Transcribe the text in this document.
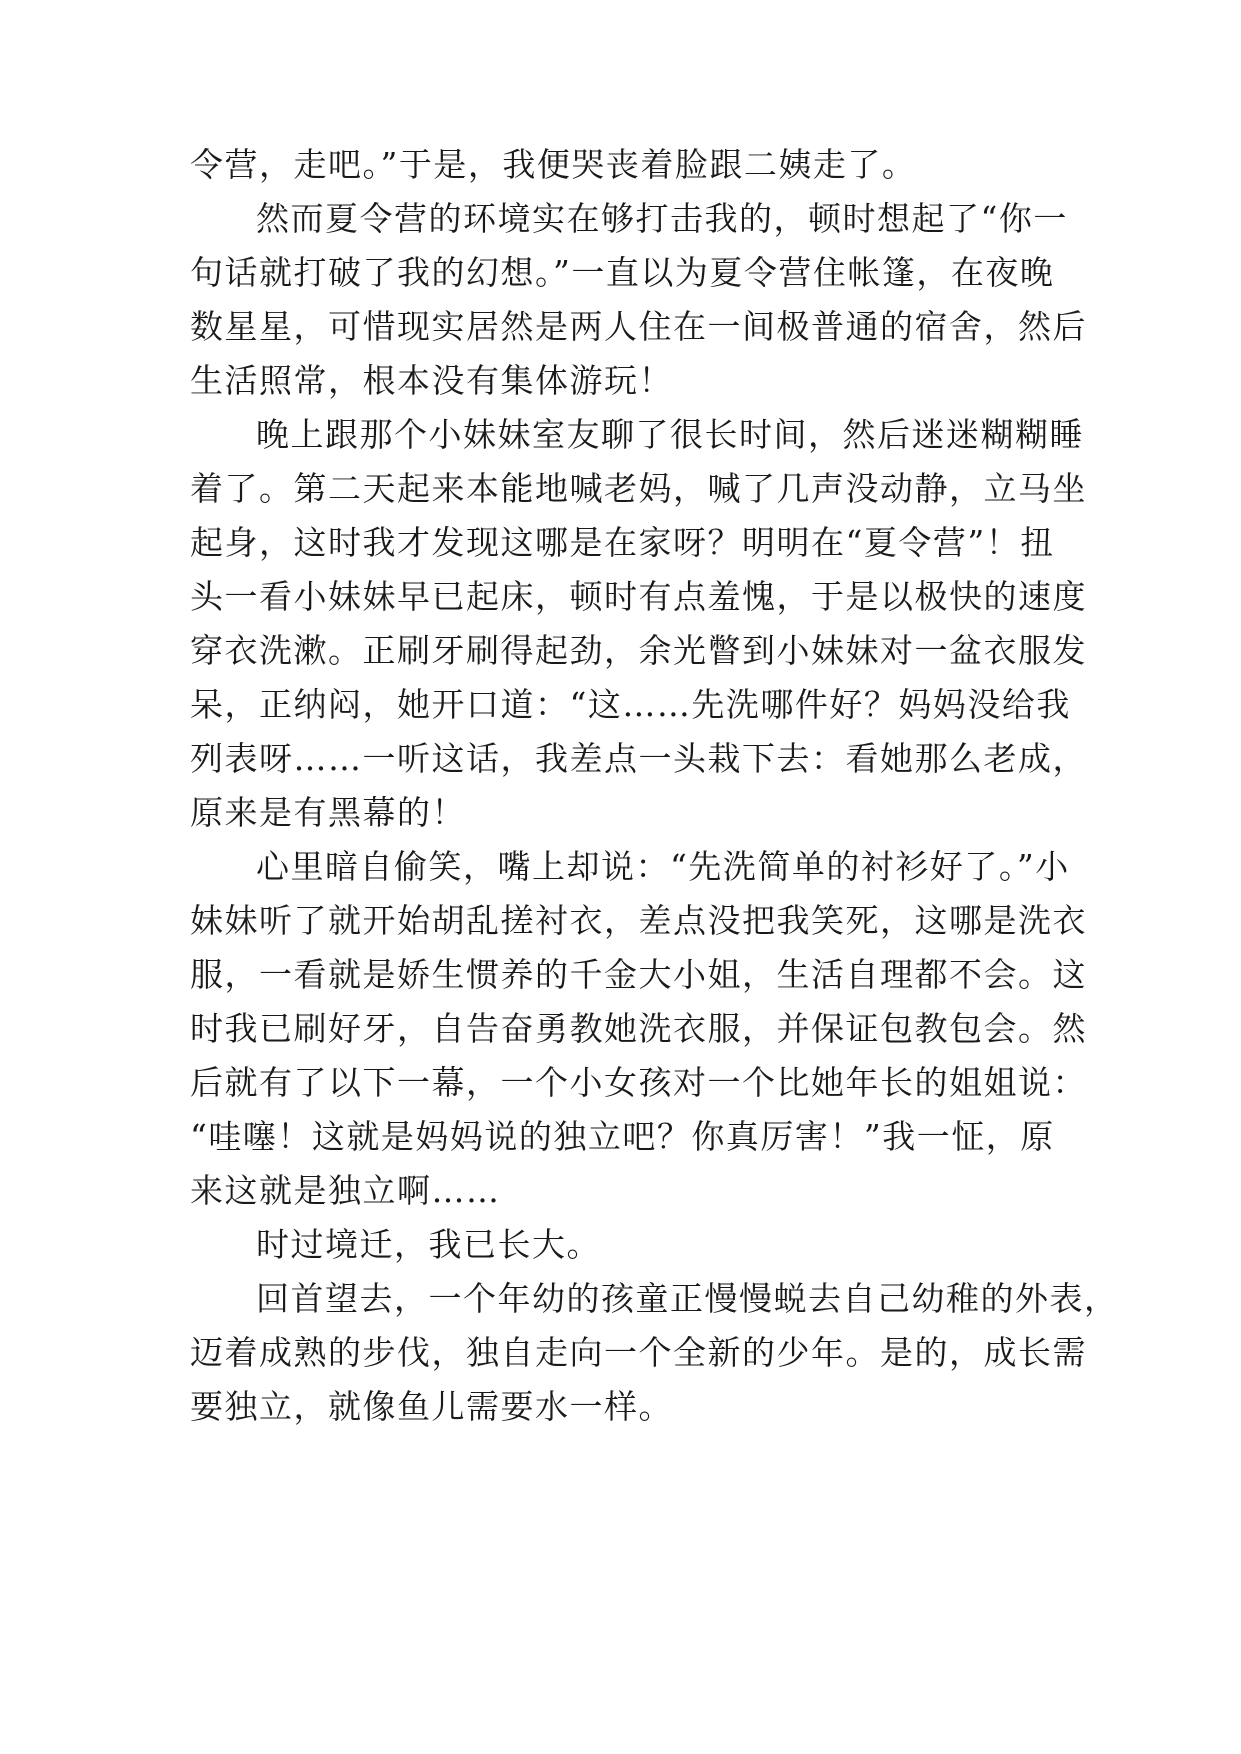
令营，走吧。”于是，我便哭丧着脸跟二姨走了。
然而夏令营的环境实在够打击我的，顿时想起了“你一
句话就打破了我的幻想。”一直以为夏令营住帐篷，在夜晚
数星星，可惜现实居然是两人住在一间极普通的宿舍，然后
生活照常，根本没有集体游玩！
晚上跟那个小妹妹室友聊了很长时间，然后迷迷糊糊睡
着了。第二天起来本能地喊老妈，喊了几声没动静，立马坐
起身，这时我才发现这哪是在家呀？明明在“夏令营”！扭
头一看小妹妹早已起床，顿时有点羞愧，于是以极快的速度
穿衣洗漱。正刷牙刷得起劲，余光瞥到小妹妹对一盆衣服发
呆，正纳闷，她开口道：“这……先洗哪件好？妈妈没给我
列表呀……一听这话，我差点一头栽下去：看她那么老成，
原来是有黑幕的！
心里暗自偷笑，嘴上却说：“先洗简单的衬衫好了。”小
妹妹听了就开始胡乱搓衬衣，差点没把我笑死，这哪是洗衣
服，一看就是娇生惯养的千金大小姐，生活自理都不会。这
时我已刷好牙，自告奋勇教她洗衣服，并保证包教包会。然
后就有了以下一幕，一个小女孩对一个比她年长的姐姐说：
“哇噻！这就是妈妈说的独立吧？你真厉害！”我一怔，原
来这就是独立啊……
时过境迁，我已长大。
回首望去，一个年幼的孩童正慢慢蜕去自己幼稚的外表，
迈着成熟的步伐，独自走向一个全新的少年。是的，成长需
要独立，就像鱼儿需要水一样。
